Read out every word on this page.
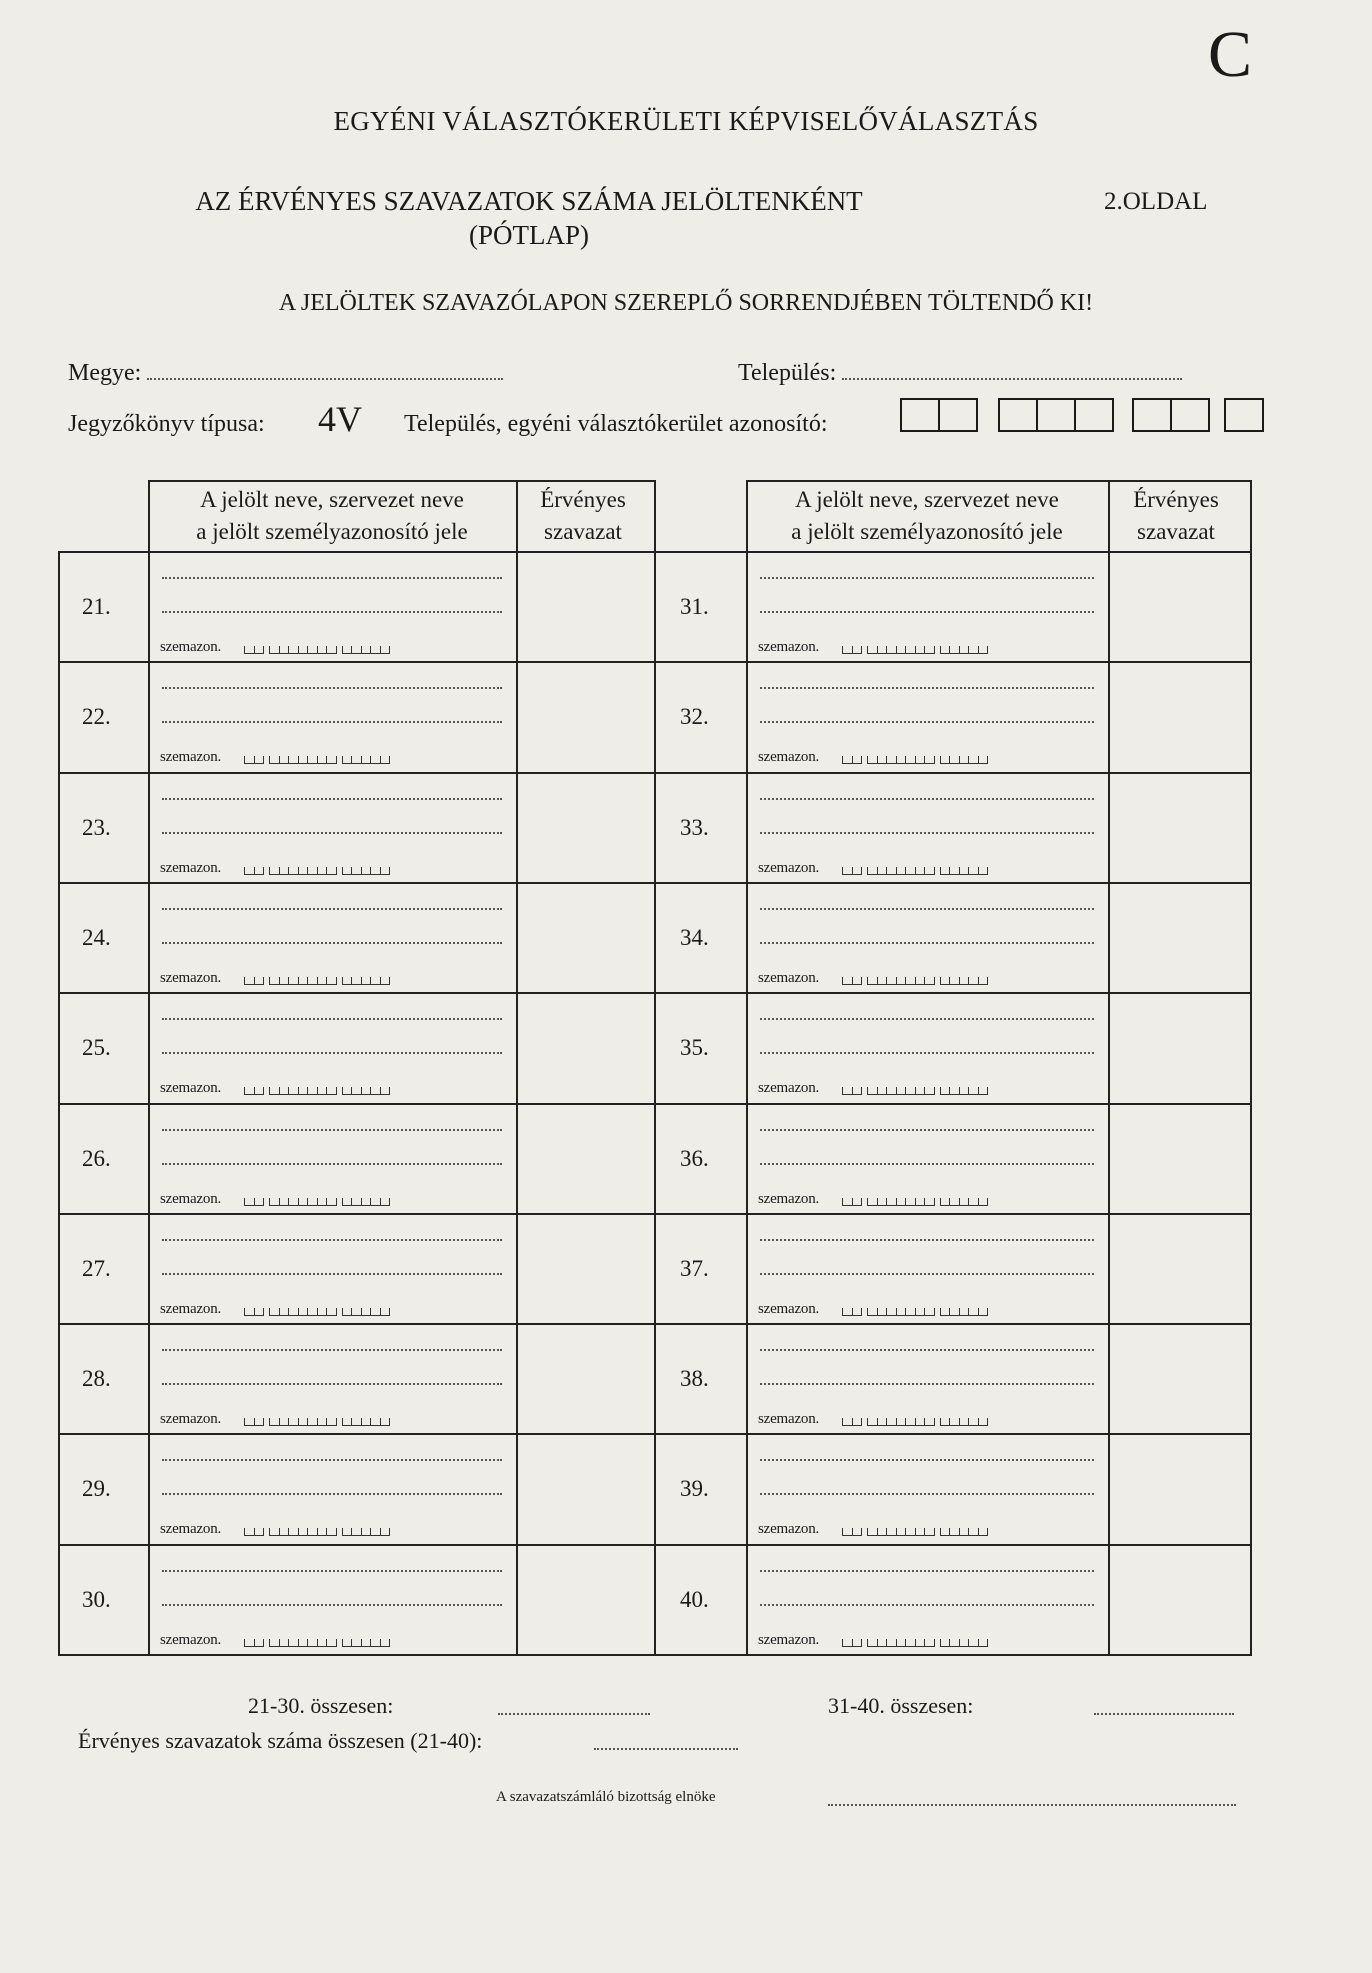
C
EGYÉNI VÁLASZTÓKERÜLETI KÉPVISELŐVÁLASZTÁS
AZ ÉRVÉNYES SZAVAZATOK SZÁMA JELÖLTENKÉNT
(PÓTLAP)
2.OLDAL
A JELÖLTEK SZAVAZÓLAPON SZEREPLŐ SORRENDJÉBEN TÖLTENDŐ KI!
Megye:	Település:
Jegyzőkönyv típusa: 4V Település, egyéni választókerület azonosító:
A jelölt neve, szervezet neve
a jelölt személyazonosító jele
Érvényes
szavazat
A jelölt neve, szervezet neve
a jelölt személyazonosító jele
Érvényes
szavazat
21.
szemazon.
31.
szemazon.
22.
szemazon.
32.
szemazon.
23.
szemazon.
33.
szemazon.
24.
szemazon.
34.
szemazon.
25.
szemazon.
35.
szemazon.
26.
szemazon.
36.
szemazon.
27.
szemazon.
37.
szemazon.
28.
szemazon.
38.
szemazon.
29.
szemazon.
39.
szemazon.
30.
szemazon.
40.
szemazon.
21-30. összesen:	31-40. összesen:
Érvényes szavazatok száma összesen (21-40):
A szavazatszámláló bizottság elnöke
